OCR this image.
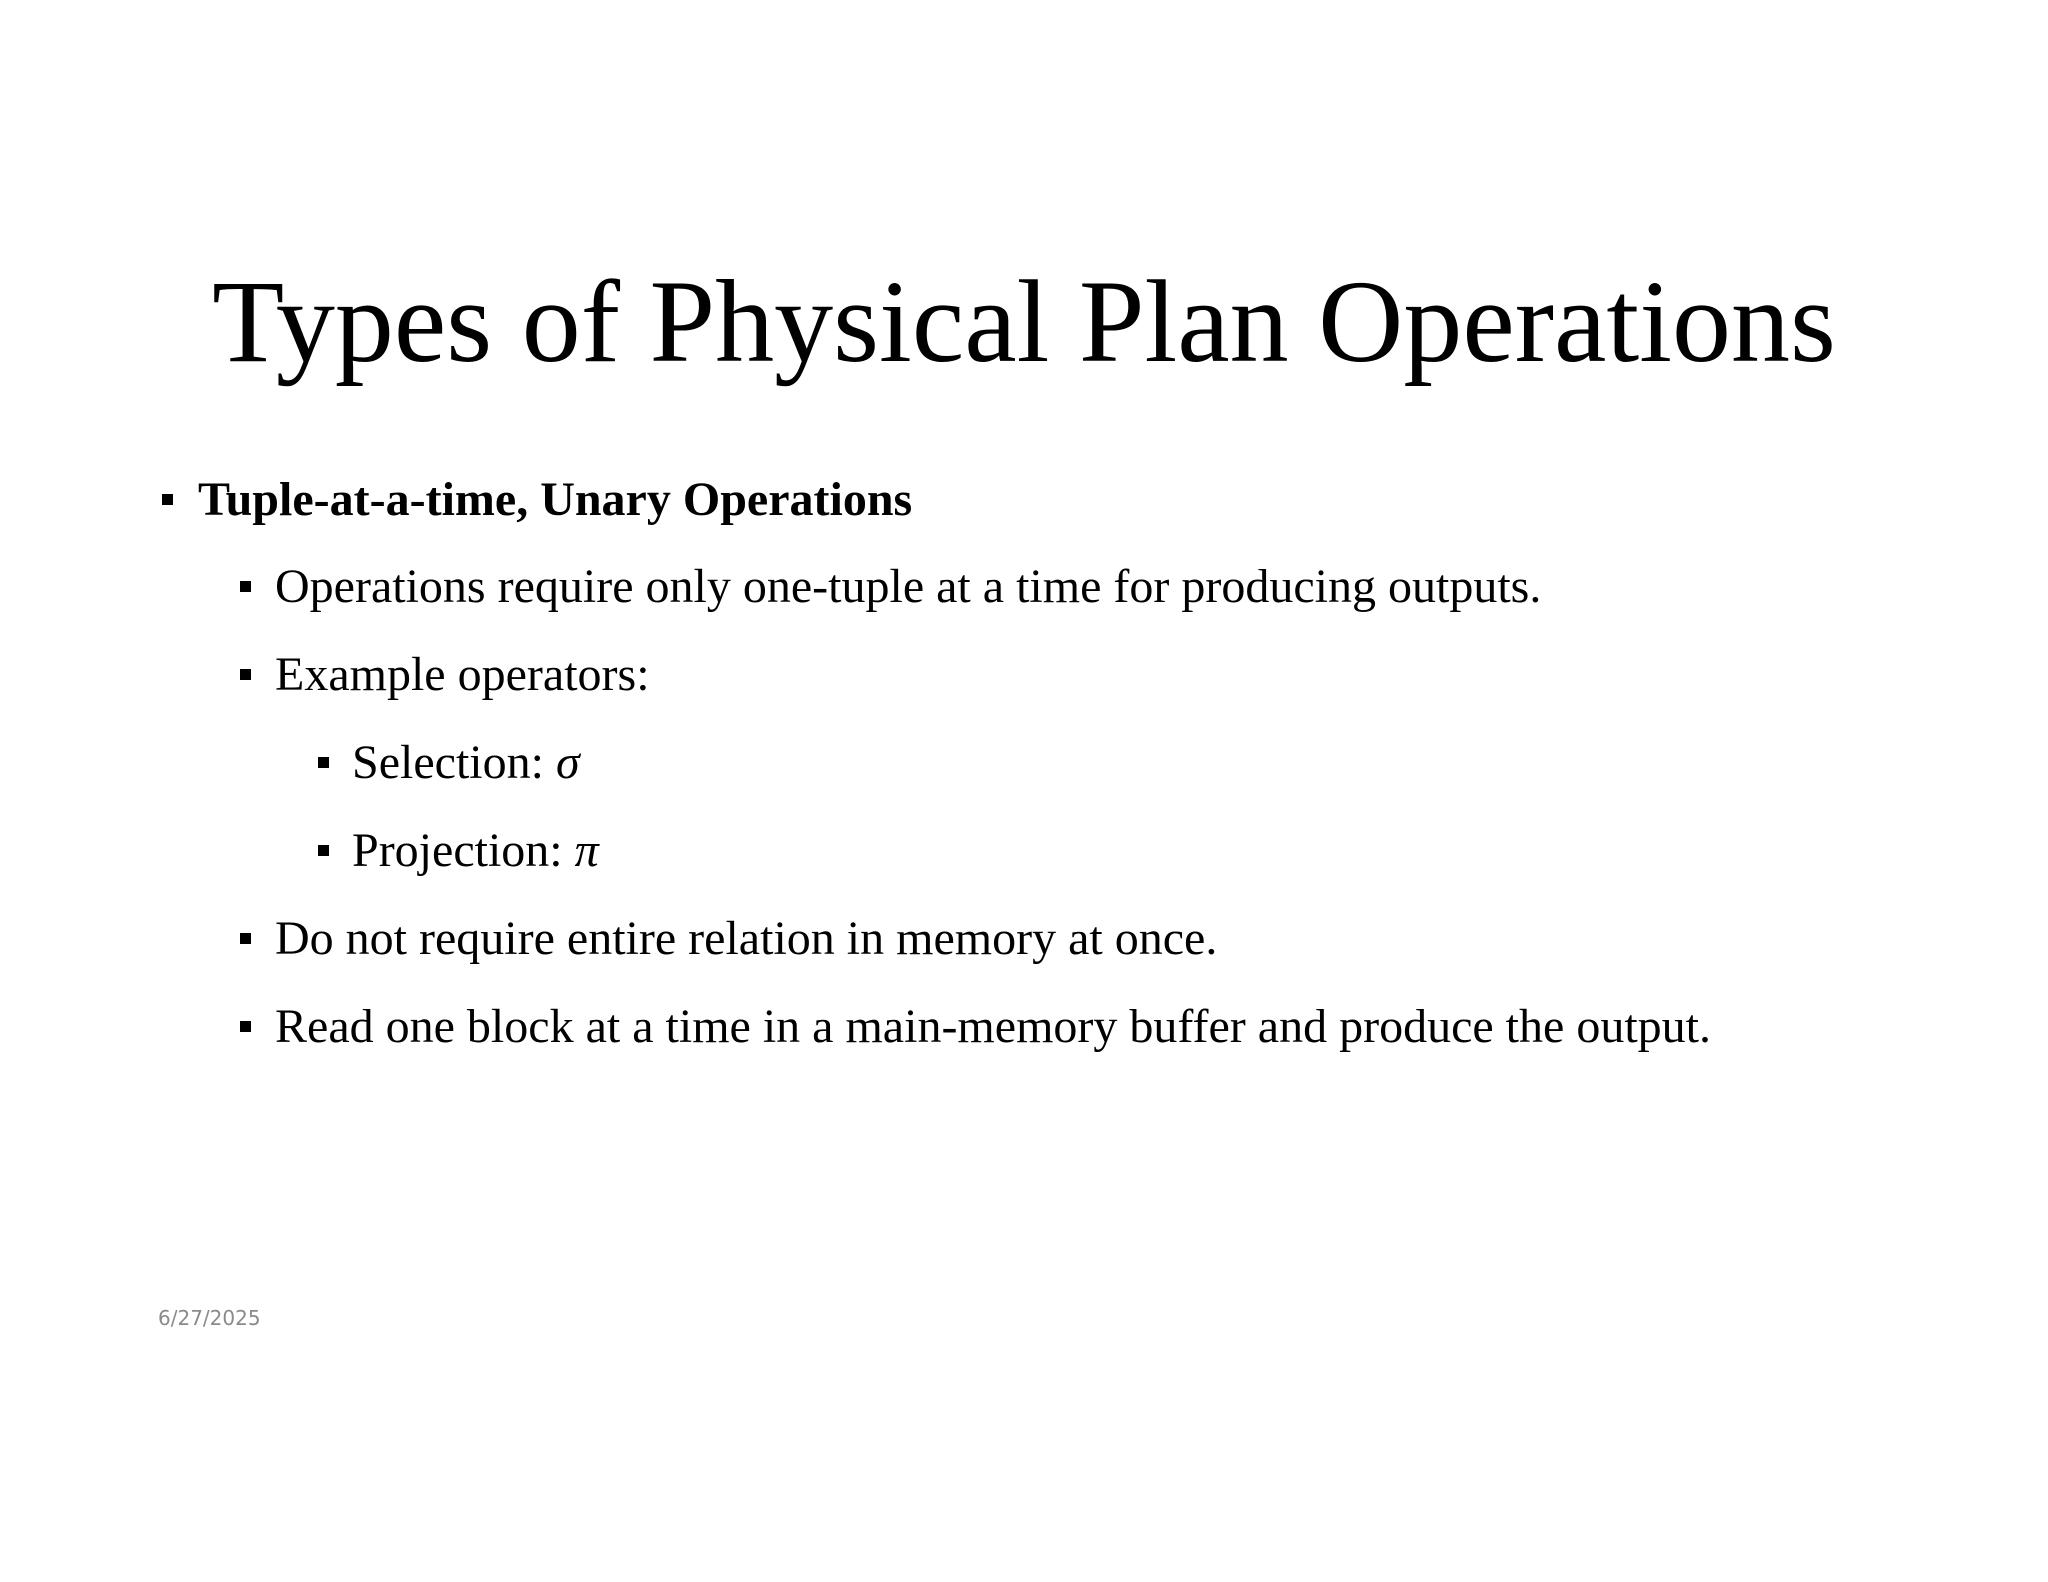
Types of Physical Plan Operations
Tuple-at-a-time, Unary Operations
Operations require only one-tuple at a time for producing outputs.
Example operators:
Selection: σ
Projection: π
Do not require entire relation in memory at once.
Read one block at a time in a main-memory buffer and produce the output.
6/27/2025
